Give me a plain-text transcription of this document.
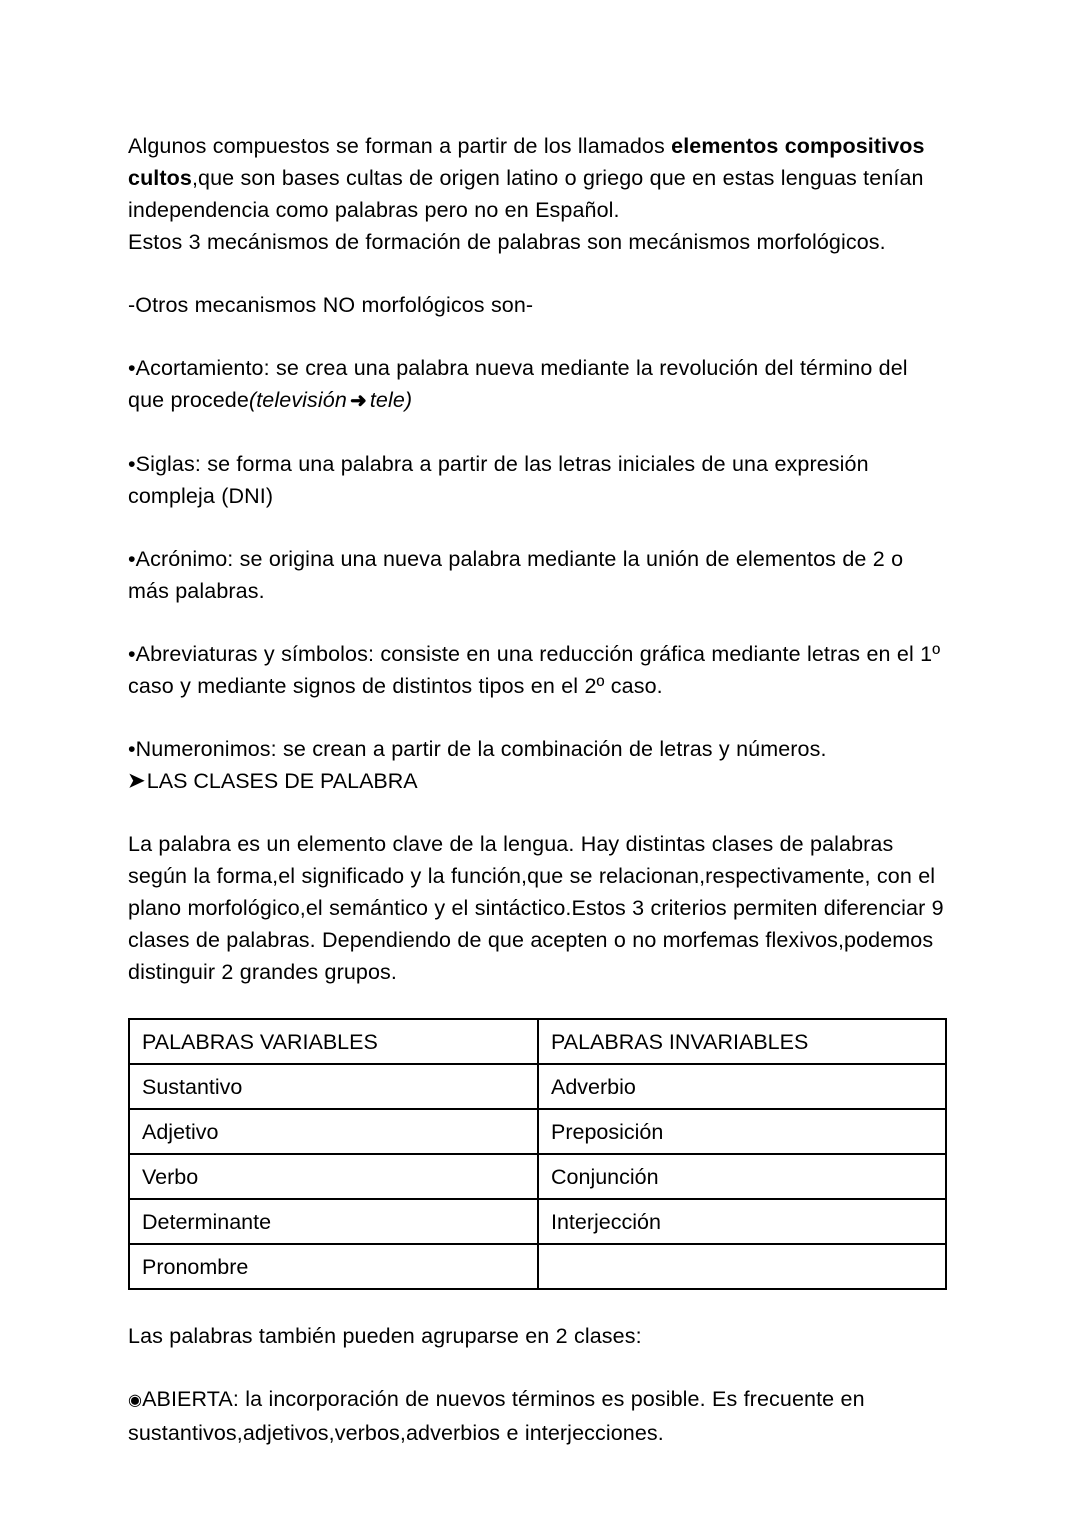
Algunos compuestos se forman a partir de los llamados elementos compositivos cultos,que son bases cultas de origen latino o griego que en estas lenguas tenían independencia como palabras pero no en Español.

Estos 3 mecánismos de formación de palabras son mecánismos morfológicos.

-Otros mecanismos NO morfológicos son-

•Acortamiento: se crea una palabra nueva mediante la revolución del término del que procede(televisión ➜ tele)

•Siglas: se forma una palabra a partir de las letras iniciales de una expresión compleja (DNI)

•Acrónimo: se origina una nueva palabra mediante la unión de elementos de 2 o más palabras.

•Abreviaturas y símbolos: consiste en una reducción gráfica mediante letras en el 1º caso y mediante signos de distintos tipos en el 2º caso.

•Numeronimos: se crean a partir de la combinación de letras y números.

➤ LAS CLASES DE PALABRA

La palabra es un elemento clave de la lengua. Hay distintas clases de palabras según la forma,el significado y la función,que se relacionan,respectivamente, con el plano morfológico,el semántico y el sintáctico.Estos 3 criterios permiten diferenciar 9 clases de palabras. Dependiendo de que acepten o no morfemas flexivos,podemos distinguir 2 grandes grupos.

PALABRAS VARIABLES	PALABRAS INVARIABLES
Sustantivo	Adverbio
Adjetivo	Preposición
Verbo	Conjunción
Determinante	Interjección
Pronombre	

Las palabras también pueden agruparse en 2 clases:

◉ABIERTA: la incorporación de nuevos términos es posible. Es frecuente en sustantivos,adjetivos,verbos,adverbios e interjecciones.
